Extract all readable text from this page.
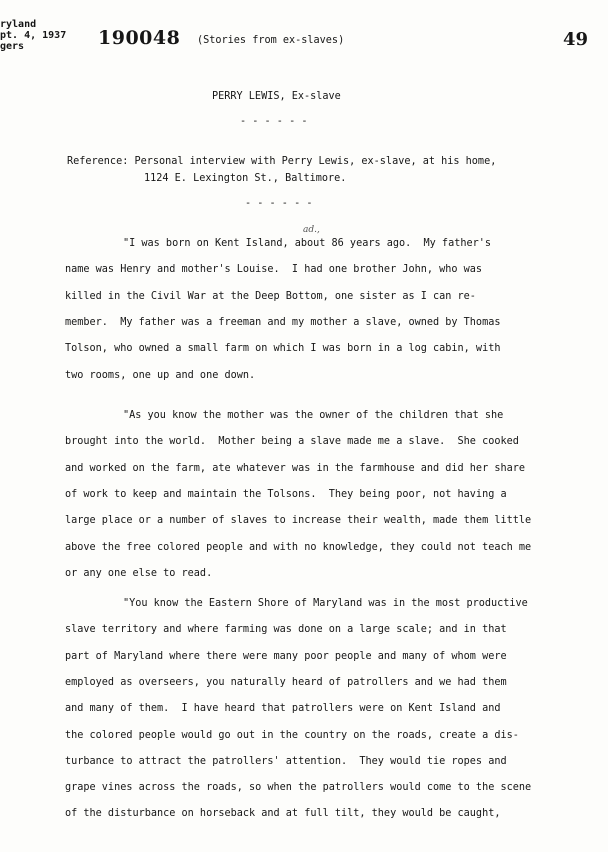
ryland
pt. 4, 1937
gers	190048 (Stories from ex-slaves)	49
PERRY LEWIS, Ex-slave
- - - - - -
Reference: Personal interview with Perry Lewis, ex-slave, at his home,
1124 E. Lexington St., Baltimore.
- - - - - -
ad.,
"I was born on Kent Island, about 86 years ago.  My father's
name was Henry and mother's Louise.  I had one brother John, who was
killed in the Civil War at the Deep Bottom, one sister as I can re-
member.  My father was a freeman and my mother a slave, owned by Thomas
Tolson, who owned a small farm on which I was born in a log cabin, with
two rooms, one up and one down.
"As you know the mother was the owner of the children that she
brought into the world.  Mother being a slave made me a slave.  She cooked
and worked on the farm, ate whatever was in the farmhouse and did her share
of work to keep and maintain the Tolsons.  They being poor, not having a
large place or a number of slaves to increase their wealth, made them little
above the free colored people and with no knowledge, they could not teach me
or any one else to read.
"You know the Eastern Shore of Maryland was in the most productive
slave territory and where farming was done on a large scale; and in that
part of Maryland where there were many poor people and many of whom were
employed as overseers, you naturally heard of patrollers and we had them
and many of them.  I have heard that patrollers were on Kent Island and
the colored people would go out in the country on the roads, create a dis-
turbance to attract the patrollers' attention.  They would tie ropes and
grape vines across the roads, so when the patrollers would come to the scene
of the disturbance on horseback and at full tilt, they would be caught,
